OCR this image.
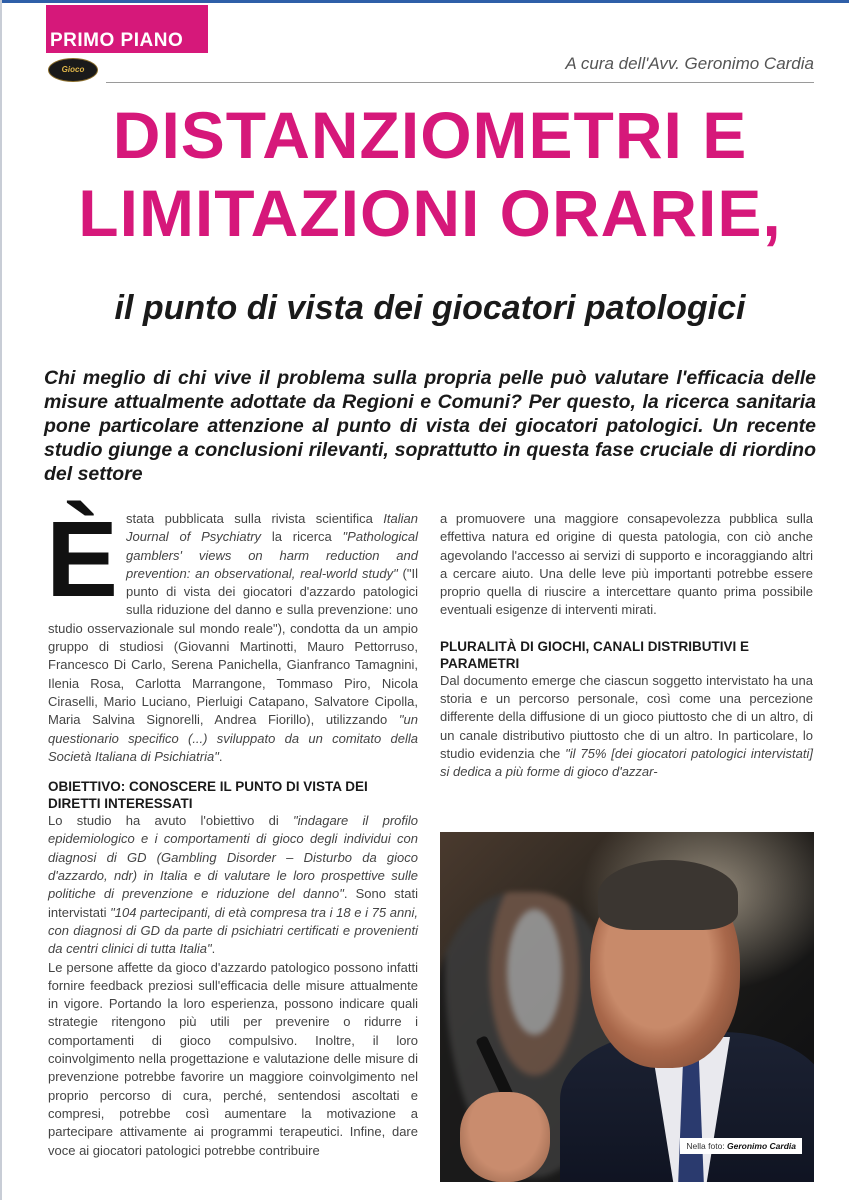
PRIMO PIANO
Gioco	A cura dell'Avv. Geronimo Cardia
DISTANZIOMETRI E
LIMITAZIONI ORARIE,
il punto di vista dei giocatori patologici
Chi meglio di chi vive il problema sulla propria pelle può valutare l'efficacia delle misure attualmente adottate da Regioni e Comuni? Per questo, la ricerca sanitaria pone particolare attenzione al punto di vista dei giocatori patologici. Un recente studio giunge a conclusioni rilevanti, soprattutto in questa fase cruciale di riordino del settore

Èstata pubblicata sulla rivista scientifica Italian Journal of Psychiatry la ricerca "Pathological gamblers' views on harm reduction and prevention: an observational, real-world study" ("Il punto di vista dei giocatori d'azzardo patologici sulla riduzione del danno e sulla prevenzione: uno studio osservazionale sul mondo reale"), condotta da un ampio gruppo di studiosi (Giovanni Martinotti, Mauro Pettorruso, Francesco Di Carlo, Serena Panichella, Gianfranco Tamagnini, Ilenia Rosa, Carlotta Marrangone, Tommaso Piro, Nicola Ciraselli, Mario Luciano, Pierluigi Catapano, Salvatore Cipolla, Maria Salvina Signorelli, Andrea Fiorillo), utilizzando "un questionario specifico (...) sviluppato da un comitato della Società Italiana di Psichiatria".

OBIETTIVO: CONOSCERE IL PUNTO DI VISTA DEI DIRETTI INTERESSATI

Lo studio ha avuto l'obiettivo di "indagare il profilo epidemiologico e i comportamenti di gioco degli individui con diagnosi di GD (Gambling Disorder – Disturbo da gioco d'azzardo, ndr) in Italia e di valutare le loro prospettive sulle politiche di prevenzione e riduzione del danno". Sono stati intervistati "104 partecipanti, di età compresa tra i 18 e i 75 anni, con diagnosi di GD da parte di psichiatri certificati e provenienti da centri clinici di tutta Italia".

Le persone affette da gioco d'azzardo patologico possono infatti fornire feedback preziosi sull'efficacia delle misure attualmente in vigore. Portando la loro esperienza, possono indicare quali strategie ritengono più utili per prevenire o ridurre i comportamenti di gioco compulsivo. Inoltre, il loro coinvolgimento nella progettazione e valutazione delle misure di prevenzione potrebbe favorire un maggiore coinvolgimento nel proprio percorso di cura, perché, sentendosi ascoltati e compresi, potrebbe così aumentare la motivazione a partecipare attivamente ai programmi terapeutici. Infine, dare voce ai giocatori patologici potrebbe contribuire

a promuovere una maggiore consapevolezza pubblica sulla effettiva natura ed origine di questa patologia, con ciò anche agevolando l'accesso ai servizi di supporto e incoraggiando altri a cercare aiuto. Una delle leve più importanti potrebbe essere proprio quella di riuscire a intercettare quanto prima possibile eventuali esigenze di interventi mirati.

PLURALITÀ DI GIOCHI, CANALI DISTRIBUTIVI E PARAMETRI

Dal documento emerge che ciascun soggetto intervistato ha una storia e un percorso personale, così come una percezione differente della diffusione di un gioco piuttosto che di un altro, di un canale distributivo piuttosto che di un altro. In particolare, lo studio evidenzia che "il 75% [dei giocatori patologici intervistati] si dedica a più forme di gioco d'azzar-

Nella foto: Geronimo Cardia
